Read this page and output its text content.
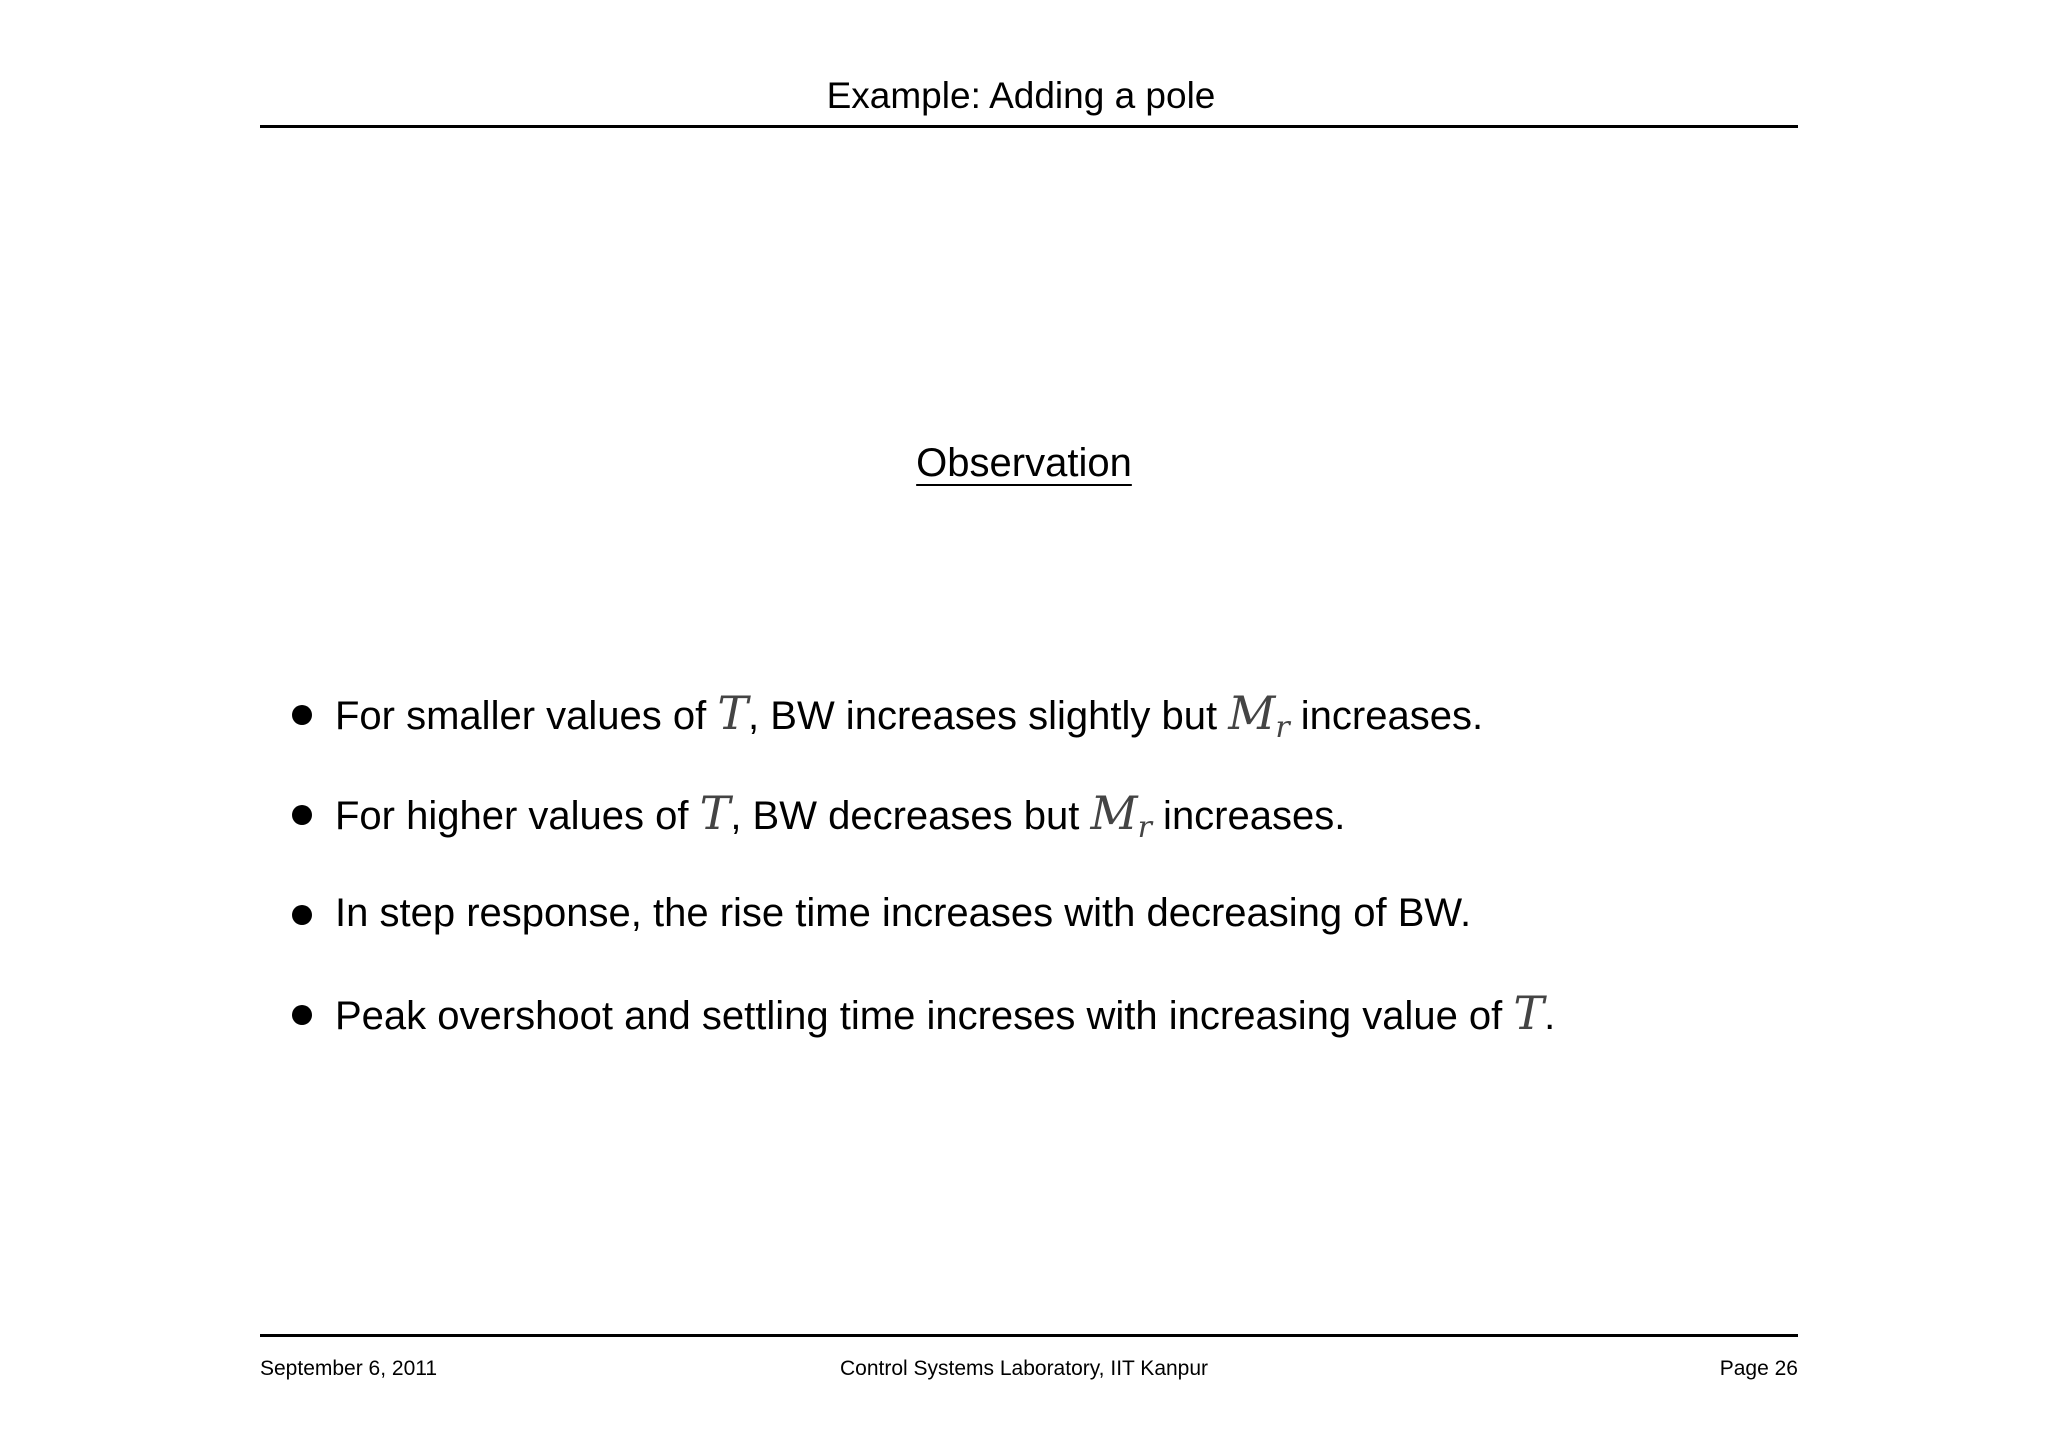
Example: Adding a pole
Observation
For smaller values of T, BW increases slightly but $M_r$ increases.
For higher values of T, BW decreases but $M_r$ increases.
In step response, the rise time increases with decreasing of BW.
Peak overshoot and settling time increses with increasing value of T.
September 6, 2011	Control Systems Laboratory, IIT Kanpur	Page 26
